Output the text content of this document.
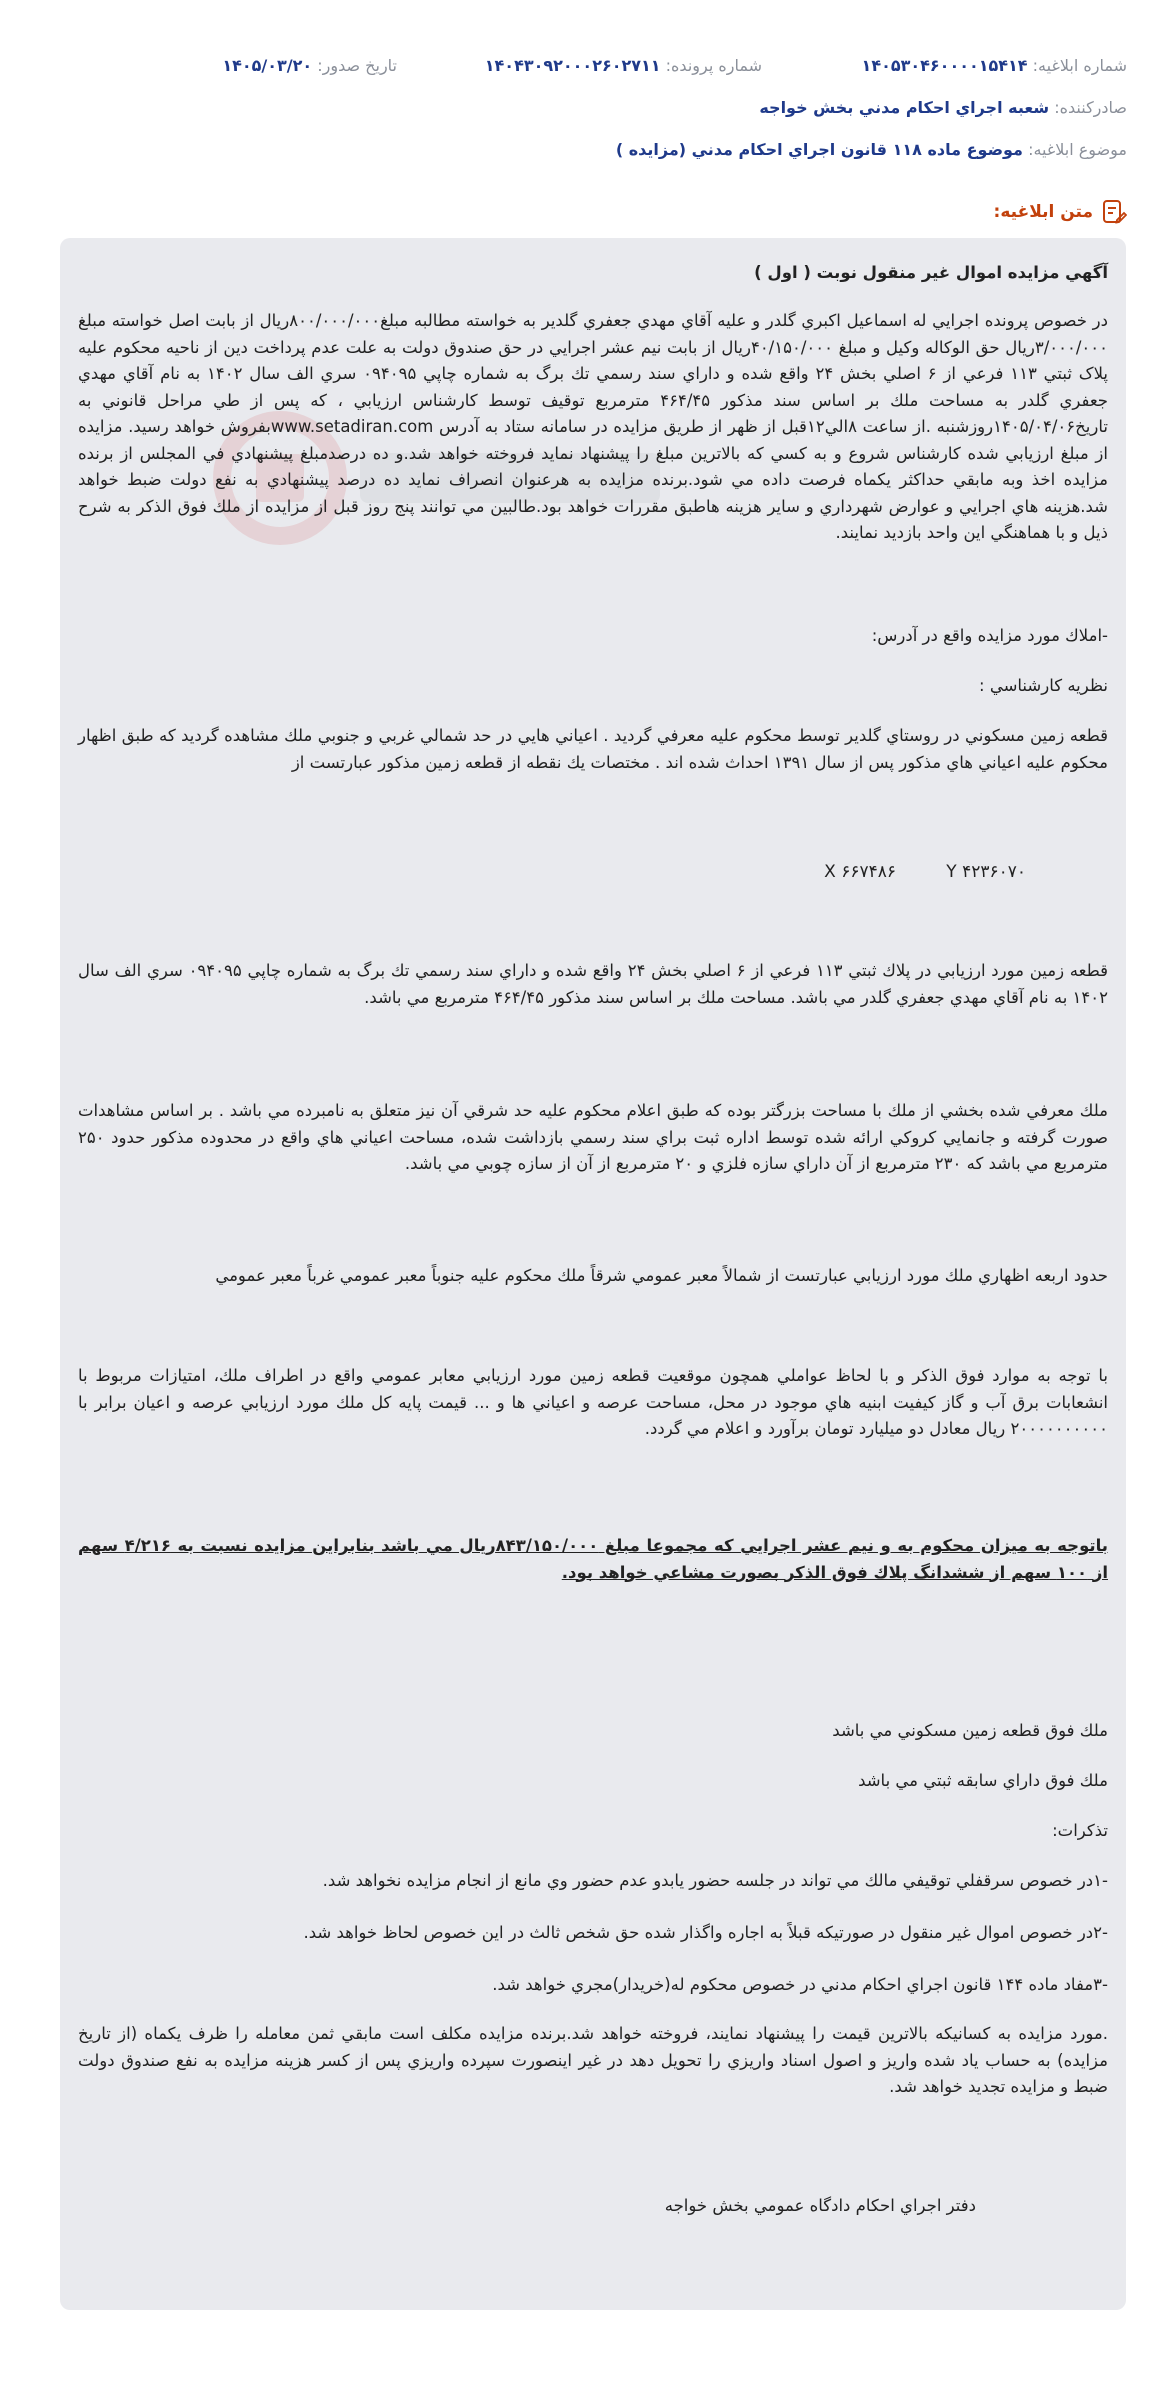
شماره ابلاغيه: ۱۴۰۵۳۰۴۶۰۰۰۰۱۵۴۱۴
شماره پرونده: ۱۴۰۴۳۰۹۲۰۰۰۲۶۰۲۷۱۱
تاريخ صدور: ۱۴۰۵/۰۳/۲۰
صادرکننده: شعبه اجراي احکام مدني بخش خواجه
موضوع ابلاغيه: موضوع ماده ۱۱۸ قانون اجراي احكام مدني (مزايده )
متن ابلاغيه:
آگهي مزايده اموال غير منقول نوبت ( اول )
در خصوص پرونده اجرايي له اسماعيل اكبري گلدر و عليه آقاي مهدي جعفري گلدير به خواسته مطالبه مبلغ۸۰۰/۰۰۰/۰۰۰ريال از بابت اصل خواسته مبلغ ۳/۰۰۰/۰۰۰ريال حق الوكاله وكيل و مبلغ ۴۰/۱۵۰/۰۰۰ريال از بابت نيم عشر اجرايي در حق صندوق دولت به علت عدم پرداخت دين از ناحيه محكوم عليه پلاک ثبتي ۱۱۳ فرعي از ۶ اصلي بخش ۲۴ واقع شده و داراي سند رسمي تك برگ به شماره چاپي ۰۹۴۰۹۵ سري الف سال ۱۴۰۲ به نام آقاي مهدي جعفري گلدر به مساحت ملك بر اساس سند مذكور ۴۶۴/۴۵ مترمربع توقيف توسط كارشناس ارزيابي ، كه پس از طي مراحل قانوني به تاريخ۱۴۰۵/۰۴/۰۶روزشنبه .از ساعت ۸الي۱۲قبل از ظهر از طريق مزايده در سامانه ستاد به آدرس www.setadiran.comبفروش خواهد رسيد. مزايده از مبلغ ارزيابي شده كارشناس شروع و به كسي كه بالاترين مبلغ را پيشنهاد نمايد فروخته خواهد شد.و ده درصدمبلغ پيشنهادي في المجلس از برنده مزايده اخذ وبه مابقي حداكثر يكماه فرصت داده مي شود.برنده مزايده به هرعنوان انصراف نمايد ده درصد پيشنهادي به نفع دولت ضبط خواهد شد.هزينه هاي اجرايي و عوارض شهرداري و ساير هزينه هاطبق مقررات خواهد بود.طالبين مي توانند پنج روز قبل از مزايده از ملك فوق الذكر به شرح ذيل و با هماهنگي اين واحد بازديد نمايند.
-املاك مورد مزايده واقع در آدرس:
نظريه كارشناسي :
قطعه زمين مسكوني در روستاي گلدير توسط محكوم عليه معرفي گرديد . اعياني هايي در حد شمالي غربي و جنوبي ملك مشاهده گرديد كه طبق اظهار محكوم عليه اعياني هاي مذكور پس از سال ۱۳۹۱ احداث شده اند . مختصات يك نقطه از قطعه زمين مذكور عبارتست از
Y ۴۲۳۶۰۷۰
X ۶۶۷۴۸۶
قطعه زمين مورد ارزيابي در پلاك ثبتي ۱۱۳ فرعي از ۶ اصلي بخش ۲۴ واقع شده و داراي سند رسمي تك برگ به شماره چاپي ۰۹۴۰۹۵ سري الف سال ۱۴۰۲ به نام آقاي مهدي جعفري گلدر مي باشد. مساحت ملك بر اساس سند مذكور ۴۶۴/۴۵ مترمربع مي باشد.
ملك معرفي شده بخشي از ملك با مساحت بزرگتر بوده كه طبق اعلام محكوم عليه حد شرقي آن نيز متعلق به نامبرده مي باشد . بر اساس مشاهدات صورت گرفته و جانمايي كروكي ارائه شده توسط اداره ثبت براي سند رسمي بازداشت شده، مساحت اعياني هاي واقع در محدوده مذكور حدود ۲۵۰ مترمربع مي باشد كه ۲۳۰ مترمربع از آن داراي سازه فلزي و ۲۰ مترمربع از آن از سازه چوبي مي باشد.
حدود اربعه اظهاري ملك مورد ارزيابي عبارتست از شمالاً معبر عمومي شرقاً ملك محكوم عليه جنوباً معبر عمومي غرباً معبر عمومي
با توجه به موارد فوق الذكر و با لحاظ عواملي همچون موقعيت قطعه زمين مورد ارزيابي معابر عمومي واقع در اطراف ملك، امتيازات مربوط با انشعابات برق آب و گاز كيفيت ابنيه هاي موجود در محل، مساحت عرصه و اعياني ها و ... قيمت پايه كل ملك مورد ارزيابي عرصه و اعيان برابر با ۲۰۰۰۰۰۰۰۰۰۰ ريال معادل دو ميليارد تومان برآورد و اعلام مي گردد.
باتوجه به ميزان محكوم به و نيم عشر اجرايي كه مجموعا مبلغ ۸۴۳/۱۵۰/۰۰۰ريال مي باشد بنابراين مزايده نسبت به ۴/۲۱۶ سهم از ۱۰۰ سهم از ششدانگ پلاك فوق الذكر بصورت مشاعي خواهد بود.
ملك فوق قطعه زمين مسكوني مي باشد
ملك فوق داراي سابقه ثبتي مي باشد
تذكرات:
-۱در خصوص سرقفلي توقيفي مالك مي تواند در جلسه حضور يابدو عدم حضور وي مانع از انجام مزايده نخواهد شد.
-۲در خصوص اموال غير منقول در صورتيكه قبلاً به اجاره واگذار شده حق شخص ثالث در اين خصوص لحاظ خواهد شد.
-۳مفاد ماده ۱۴۴ قانون اجراي احكام مدني در خصوص محكوم له(خريدار)مجري خواهد شد.
.مورد مزايده به كسانيكه بالاترين قيمت را پيشنهاد نمايند، فروخته خواهد شد.برنده مزايده مكلف است مابقي ثمن معامله را ظرف يكماه (از تاريخ مزايده) به حساب ياد شده واريز و اصول اسناد واريزي را تحويل دهد در غير اينصورت سپرده واريزي پس از كسر هزينه مزايده به نفع صندوق دولت ضبط و مزايده تجديد خواهد شد.
دفتر اجراي احكام دادگاه عمومي بخش خواجه
